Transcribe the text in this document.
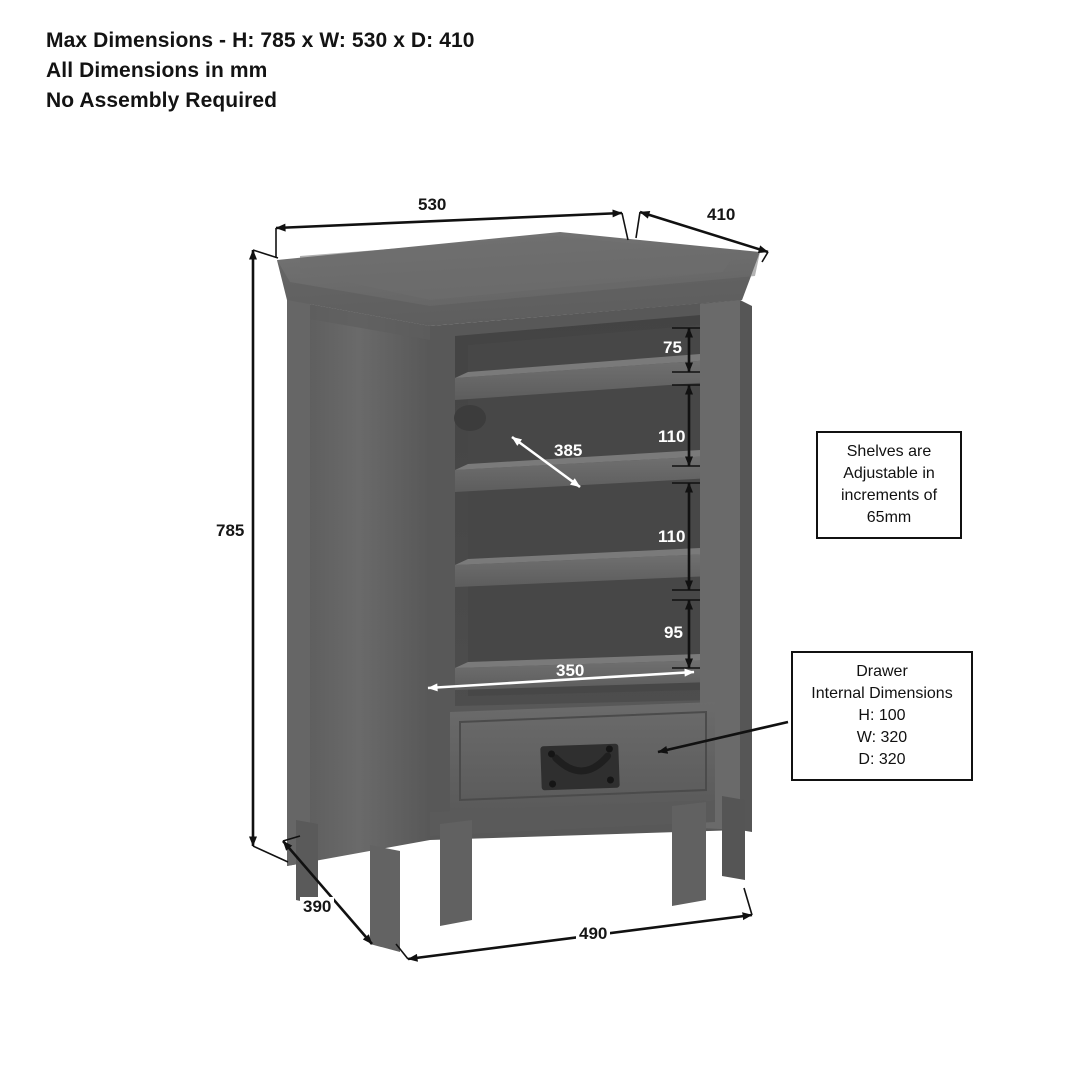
Max Dimensions - H: 785 x W: 530 x D: 410
All Dimensions in mm
No Assembly Required
530
410
785
75
110
110
95
385
350
390
490
Shelves are
Adjustable in
increments of
65mm
Drawer
Internal Dimensions
H: 100
W: 320
D: 320
